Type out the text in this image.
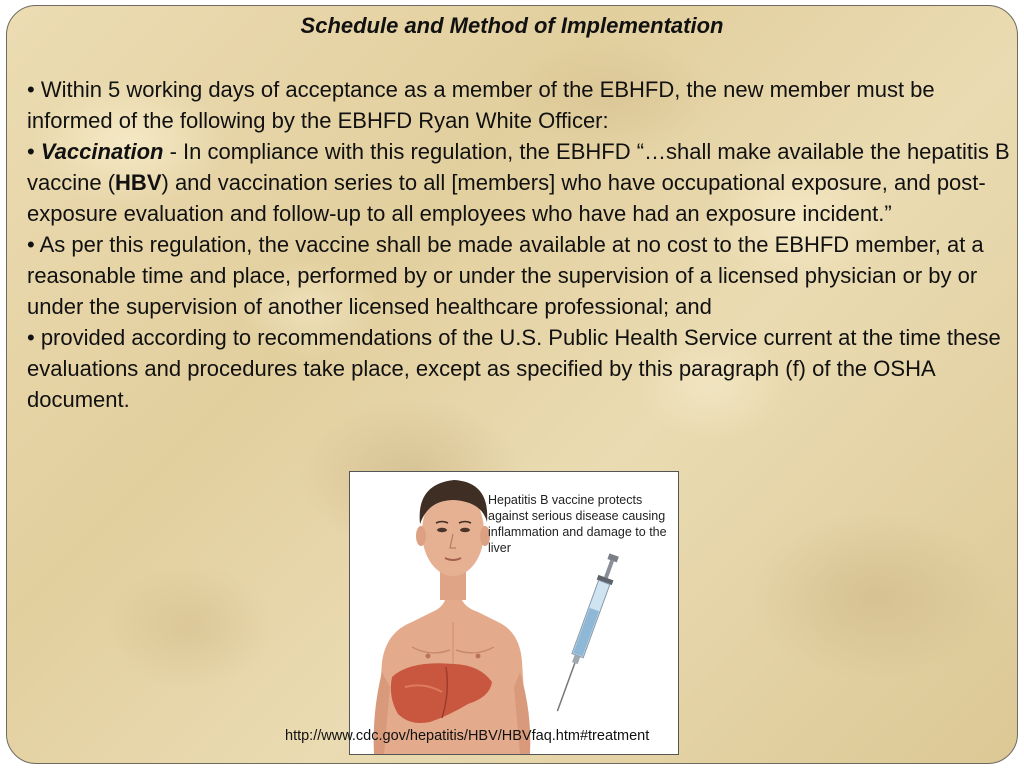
Schedule and Method of Implementation

• Within 5 working days of acceptance as a member of the EBHFD, the new member must be informed of the following by the EBHFD Ryan White Officer:

• Vaccination - In compliance with this regulation, the EBHFD “…shall make available the hepatitis B vaccine (HBV) and vaccination series to all [members] who have occupational exposure, and post-exposure evaluation and follow-up to all employees who have had an exposure incident.”

• As per this regulation, the vaccine shall be made available at no cost to the EBHFD member, at a reasonable time and place, performed by or under the supervision of a licensed physician or by or under the supervision of another licensed healthcare professional; and

• provided according to recommendations of the U.S. Public Health Service current at the time these evaluations and procedures take place, except as specified by this paragraph (f) of the OSHA document.

Hepatitis B vaccine protects against serious disease causing inflammation and damage to the liver
http://www.cdc.gov/hepatitis/HBV/HBVfaq.htm#treatment
